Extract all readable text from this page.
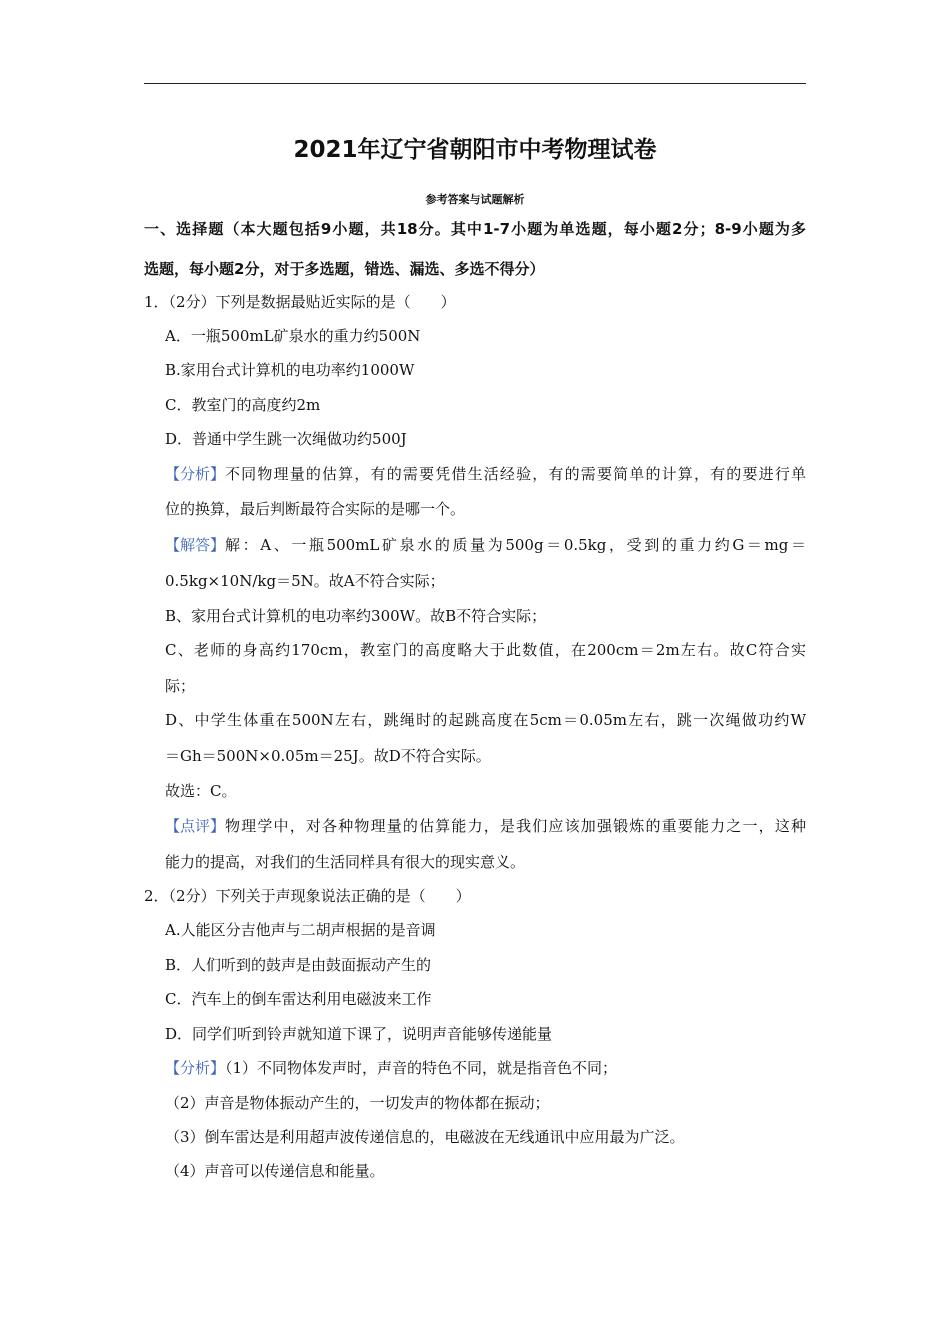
2021年辽宁省朝阳市中考物理试卷
参考答案与试题解析
一、选择题（本大题包括9小题，共18分。其中1-7小题为单选题，每小题2分；8-9小题为多
选题，每小题2分，对于多选题，错选、漏选、多选不得分）
1．（2分）下列是数据最贴近实际的是（　　）
A．一瓶500mL矿泉水的重力约500N
B.家用台式计算机的电功率约1000W
C．教室门的高度约2m
D．普通中学生跳一次绳做功约500J
【分析】 不同物理量的估算，有的需要凭借生活经验，有的需要简单的计算，有的要进行单
位的换算，最后判断最符合实际的是哪一个。
【解答】 解：A、一瓶500mL矿泉水的质量为500g＝0.5kg，受到的重力约G＝mg＝
0.5kg×10N/kg＝5N。故A不符合实际；
B、家用台式计算机的电功率约300W。故B不符合实际；
C、老师的身高约170cm，教室门的高度略大于此数值，在200cm＝2m左右。故C符合实
际；
D、中学生体重在500N左右，跳绳时的起跳高度在5cm＝0.05m左右，跳一次绳做功约W
＝Gh＝500N×0.05m＝25J。故D不符合实际。
故选：C。
【点评】 物理学中，对各种物理量的估算能力，是我们应该加强锻炼的重要能力之一，这种
能力的提高，对我们的生活同样具有很大的现实意义。
2．（2分）下列关于声现象说法正确的是（　　）
A.人能区分吉他声与二胡声根据的是音调
B．人们听到的鼓声是由鼓面振动产生的
C．汽车上的倒车雷达利用电磁波来工作
D．同学们听到铃声就知道下课了，说明声音能够传递能量
【分析】（1）不同物体发声时，声音的特色不同，就是指音色不同；
（2）声音是物体振动产生的，一切发声的物体都在振动；
（3）倒车雷达是利用超声波传递信息的，电磁波在无线通讯中应用最为广泛。
（4）声音可以传递信息和能量。
